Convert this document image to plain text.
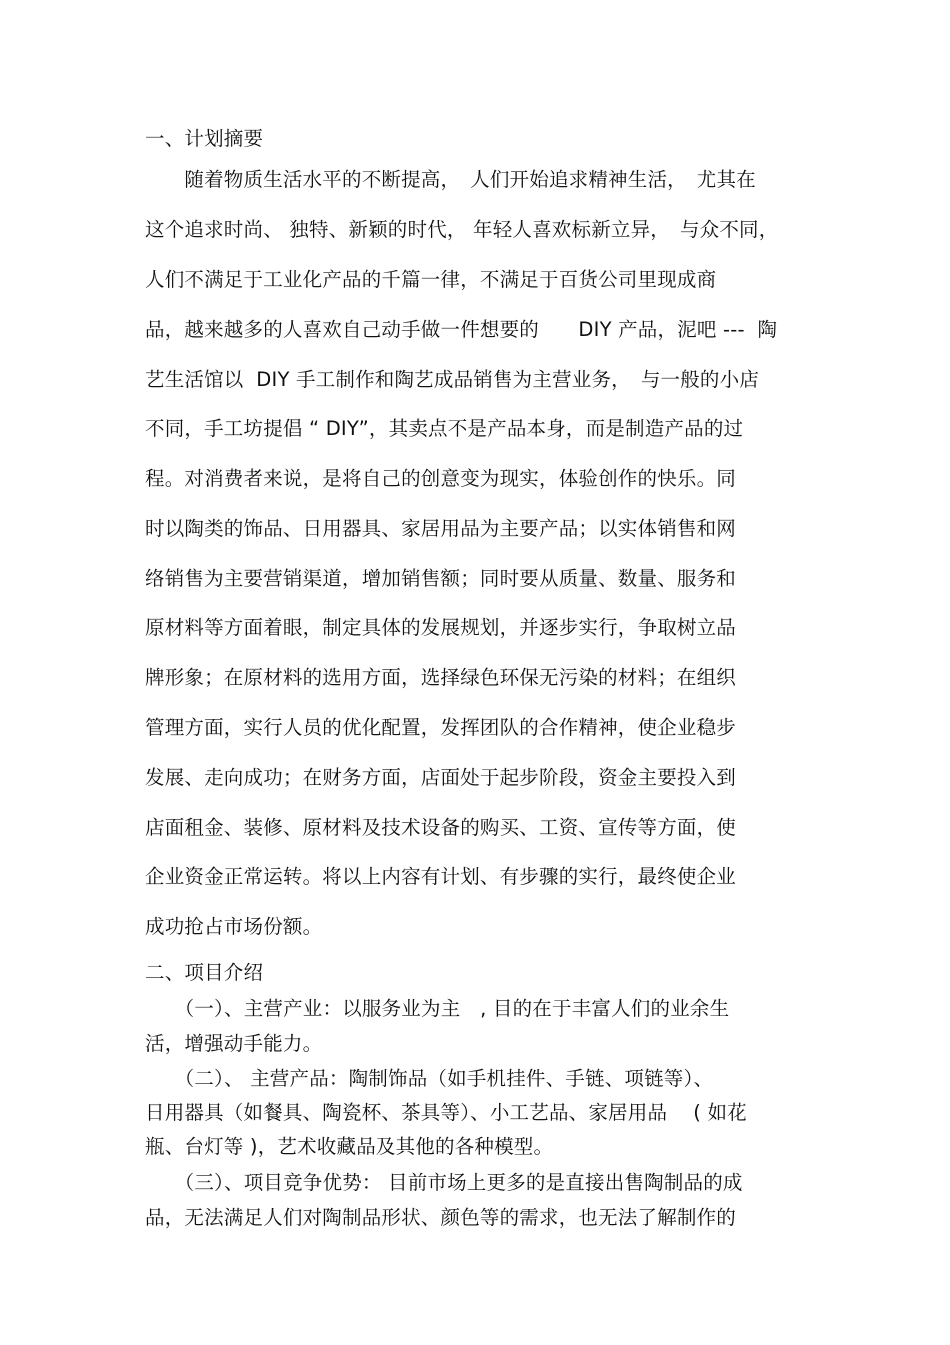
一、计划摘要
　　随着物质生活水平的不断提高，　人们开始追求精神生活，　尤其在
这个追求时尚、 独特、新颖的时代， 年轻人喜欢标新立异，　与众不同，
人们不满足于工业化产品的千篇一律，不满足于百货公司里现成商
品，越来越多的人喜欢自己动手做一件想要的　　DIY 产品，泥吧 ---  陶
艺生活馆以  DIY 手工制作和陶艺成品销售为主营业务，　与一般的小店
不同，手工坊提倡 “ DIY”，其卖点不是产品本身，而是制造产品的过
程。对消费者来说，是将自己的创意变为现实，体验创作的快乐。同
时以陶类的饰品、日用器具、家居用品为主要产品；以实体销售和网
络销售为主要营销渠道，增加销售额；同时要从质量、数量、服务和
原材料等方面着眼，制定具体的发展规划，并逐步实行，争取树立品
牌形象；在原材料的选用方面，选择绿色环保无污染的材料；在组织
管理方面，实行人员的优化配置，发挥团队的合作精神，使企业稳步
发展、走向成功；在财务方面，店面处于起步阶段，资金主要投入到
店面租金、装修、原材料及技术设备的购买、工资、宣传等方面，使
企业资金正常运转。将以上内容有计划、有步骤的实行，最终使企业
成功抢占市场份额。
二、项目介绍
　　（一）、主营产业：以服务业为主　, 目的在于丰富人们的业余生
活，增强动手能力。
　　（二）、 主营产品：陶制饰品（如手机挂件、手链、项链等）、
日用器具（如餐具、陶瓷杯、茶具等）、小工艺品、家居用品　 ( 如花
瓶、台灯等 )，艺术收藏品及其他的各种模型。
　　（三）、项目竞争优势： 目前市场上更多的是直接出售陶制品的成
品，无法满足人们对陶制品形状、颜色等的需求，也无法了解制作的
